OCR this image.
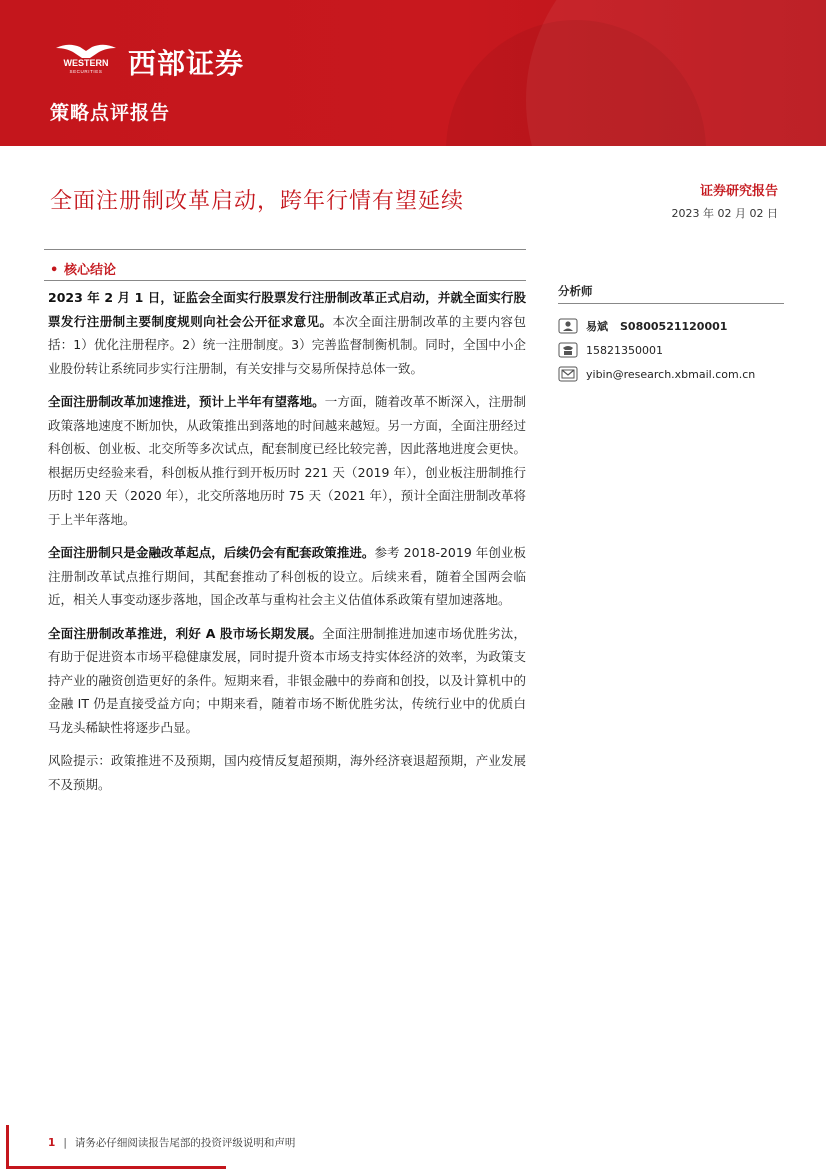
WESTERN
SECURITIES 西部证券
策略点评报告
全面注册制改革启动，跨年行情有望延续	证券研究报告
2023 年 02 月 02 日
• 核心结论

2023 年 2 月 1 日，证监会全面实行股票发行注册制改革正式启动，并就全面实行股票发行注册制主要制度规则向社会公开征求意见。本次全面注册制改革的主要内容包括：1）优化注册程序。2）统一注册制度。3）完善监督制衡机制。同时，全国中小企业股份转让系统同步实行注册制，有关安排与交易所保持总体一致。

全面注册制改革加速推进，预计上半年有望落地。一方面，随着改革不断深入，注册制政策落地速度不断加快，从政策推出到落地的时间越来越短。另一方面，全面注册经过科创板、创业板、北交所等多次试点，配套制度已经比较完善，因此落地进度会更快。根据历史经验来看，科创板从推行到开板历时 221 天（2019 年），创业板注册制推行历时 120 天（2020 年），北交所落地历时 75 天（2021 年），预计全面注册制改革将于上半年落地。

全面注册制只是金融改革起点，后续仍会有配套政策推进。参考 2018-2019 年创业板注册制改革试点推行期间，其配套推动了科创板的设立。后续来看，随着全国两会临近，相关人事变动逐步落地，国企改革与重构社会主义估值体系政策有望加速落地。

全面注册制改革推进，利好 A 股市场长期发展。全面注册制推进加速市场优胜劣汰，有助于促进资本市场平稳健康发展，同时提升资本市场支持实体经济的效率，为政策支持产业的融资创造更好的条件。短期来看，非银金融中的券商和创投，以及计算机中的金融 IT 仍是直接受益方向；中期来看，随着市场不断优胜劣汰，传统行业中的优质白马龙头稀缺性将逐步凸显。

风险提示：政策推进不及预期，国内疫情反复超预期，海外经济衰退超预期，产业发展不及预期。

分析师
易斌 S0800521120001
15821350001
yibin@research.xbmail.com.cn
1 | 请务必仔细阅读报告尾部的投资评级说明和声明
